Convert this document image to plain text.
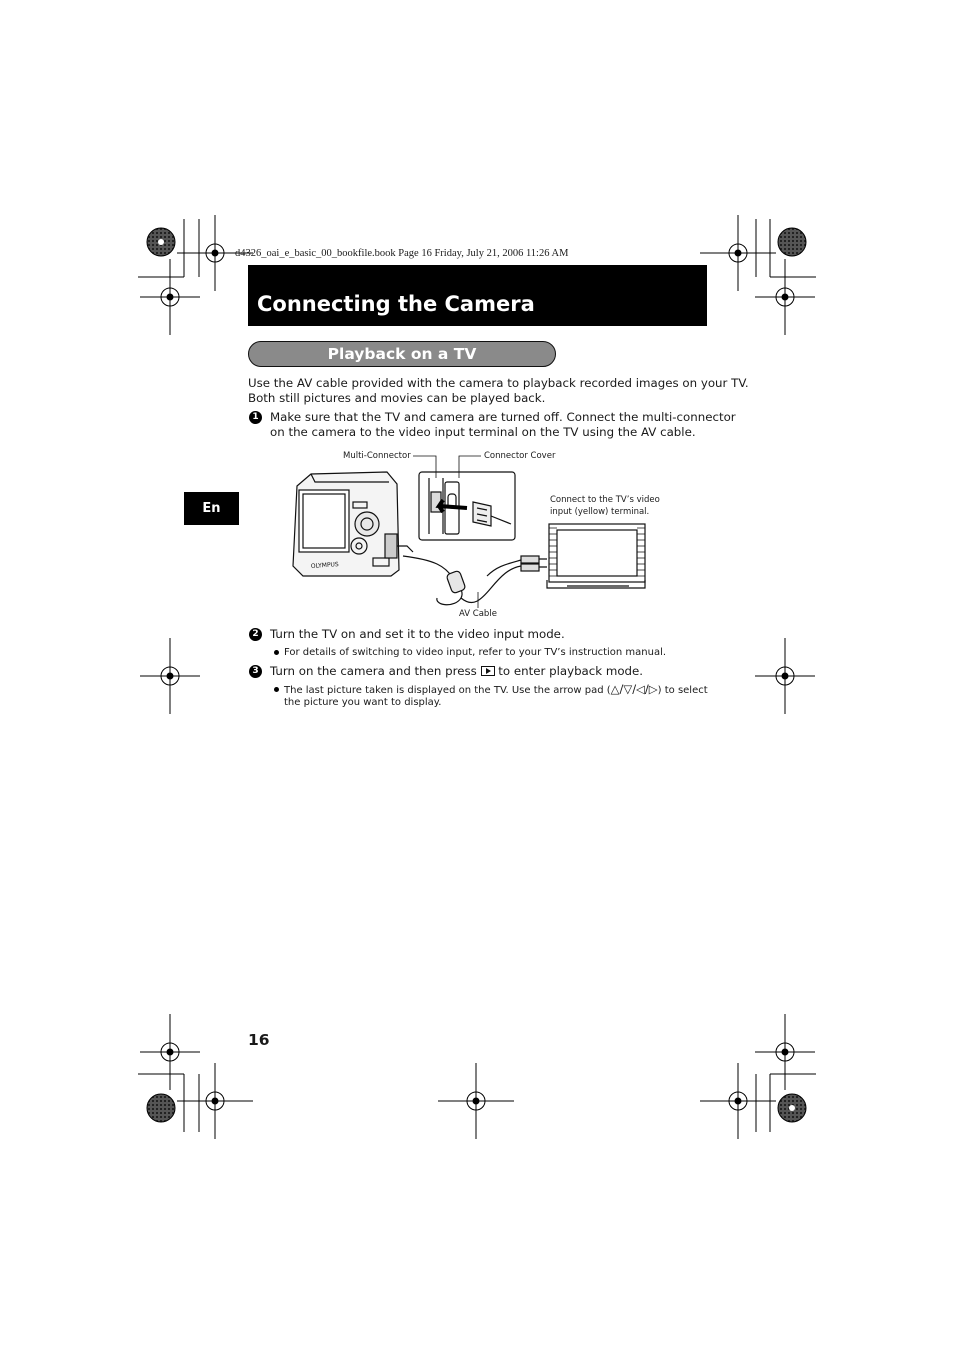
d4326_oai_e_basic_00_bookfile.book Page 16 Friday, July 21, 2006 11:26 AM
Connecting the Camera
Playback on a TV
En
Use the AV cable provided with the camera to playback recorded images on your TV.
Both still pictures and movies can be played back.
1 Make sure that the TV and camera are turned off. Connect the multi-connector
on the camera to the video input terminal on the TV using the AV cable.
OLYMPUS
Multi-Connector	Connector Cover
Connect to the TV’s video
input (yellow) terminal.
AV Cable
2 Turn the TV on and set it to the video input mode.
For details of switching to video input, refer to your TV’s instruction manual.
3 Turn on the camera and then press to enter playback mode.
The last picture taken is displayed on the TV. Use the arrow pad (△/▽/◁/▷) to select
the picture you want to display.
16
